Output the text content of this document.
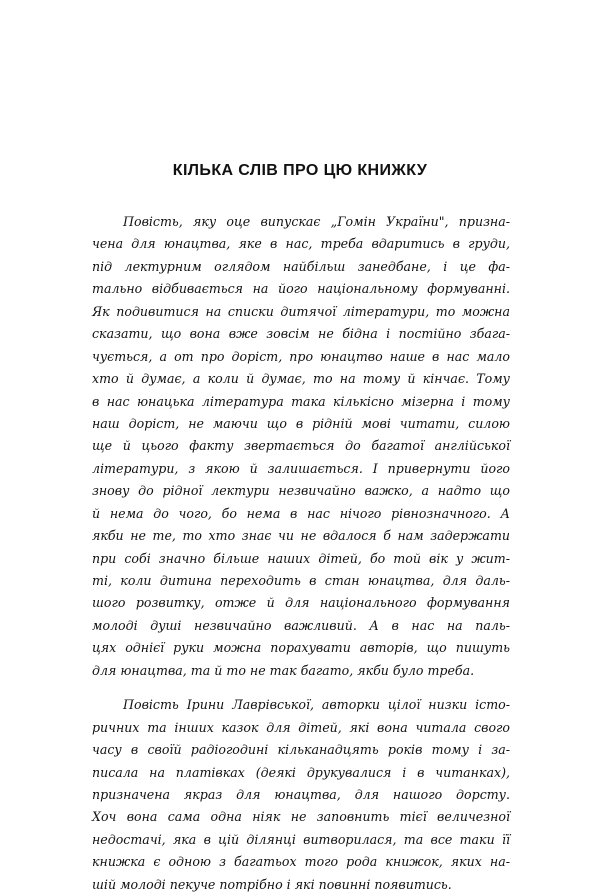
КІЛЬКА СЛІВ ПРО ЦЮ КНИЖКУ
Повість, яку оце випускає „Гомін України", призна-
чена для юнацтва, яке в нас, треба вдаритись в груди,
під лектурним оглядом найбільш занедбане, і це фа-
тально відбивається на його національному формуванні.
Як подивитися на списки дитячої літератури, то можна
сказати, що вона вже зовсім не бідна і постійно збага-
чується, а от про доріст, про юнацтво наше в нас мало
хто й думає, а коли й думає, то на тому й кінчає. Тому
в нас юнацька література така кількісно мізерна і тому
наш доріст, не маючи що в рідній мові читати, силою
ще й цього факту звертається до багатої англійської
літератури, з якою й залишається. І привернути його
знову до рідної лектури незвичайно важко, а надто що
й нема до чого, бо нема в нас нічого рівнозначного. А
якби не те, то хто знає чи не вдалося б нам задержати
при собі значно більше наших дітей, бо той вік у жит-
ті, коли дитина переходить в стан юнацтва, для даль-
шого розвитку, отже й для національного формування
молоді душі незвичайно важливий. А в нас на паль-
цях однієї руки можна порахувати авторів, що пишуть
для юнацтва, та й то не так багато, якби було треба.
Повість Ірини Лаврівської, авторки цілої низки істо-
ричних та інших казок для дітей, які вона читала свого
часу в своїй радіогодині кільканадцять років тому і за-
писала на платівках (деякі друкувалися і в читанках),
призначена якраз для юнацтва, для нашого дорсту.
Хоч вона сама одна ніяк не заповнить тієї величезної
недостачі, яка в цій ділянці витворилася, та все таки її
книжка є одною з багатьох того рода книжок, яких на-
шій молоді пекуче потрібно і які повинні появитись.
